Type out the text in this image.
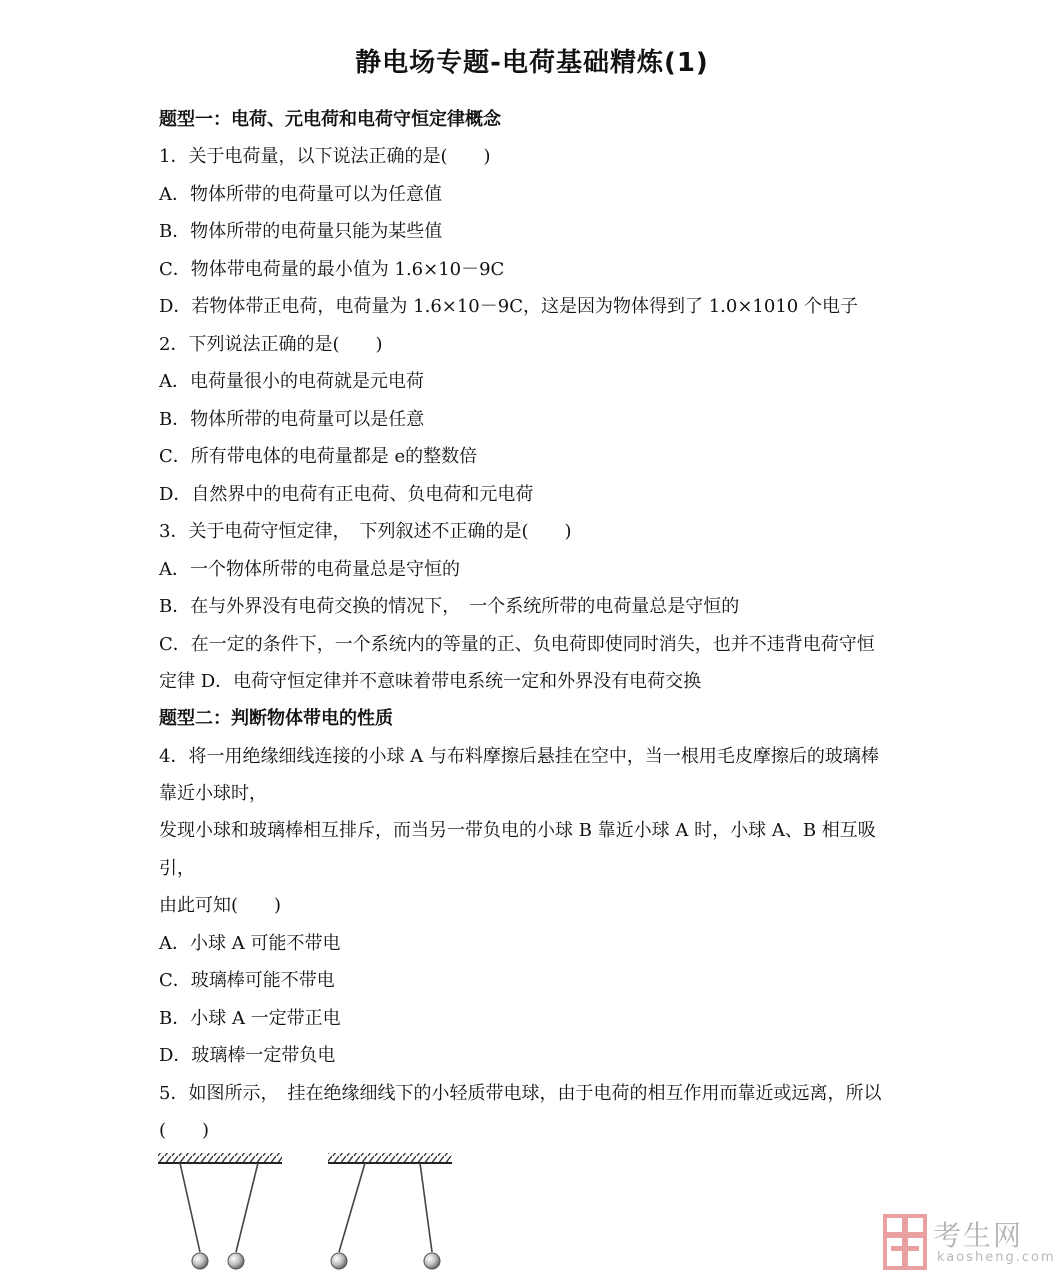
静电场专题-电荷基础精炼(1)
题型一：电荷、元电荷和电荷守恒定律概念
1．关于电荷量，以下说法正确的是(　　)
A．物体所带的电荷量可以为任意值
B．物体所带的电荷量只能为某些值
C．物体带电荷量的最小值为 1.6×10－9C
D．若物体带正电荷，电荷量为 1.6×10－9C，这是因为物体得到了 1.0×1010 个电子
2．下列说法正确的是(　　)
A．电荷量很小的电荷就是元电荷
B．物体所带的电荷量可以是任意
C．所有带电体的电荷量都是 e的整数倍
D．自然界中的电荷有正电荷、负电荷和元电荷
3．关于电荷守恒定律，　下列叙述不正确的是(　　)
A．一个物体所带的电荷量总是守恒的
B．在与外界没有电荷交换的情况下，　一个系统所带的电荷量总是守恒的
C．在一定的条件下，一个系统内的等量的正、负电荷即使同时消失，也并不违背电荷守恒
定律 D．电荷守恒定律并不意味着带电系统一定和外界没有电荷交换
题型二：判断物体带电的性质
4．将一用绝缘细线连接的小球 A 与布料摩擦后悬挂在空中，当一根用毛皮摩擦后的玻璃棒
靠近小球时，
发现小球和玻璃棒相互排斥，而当另一带负电的小球 B 靠近小球 A 时，小球 A、B 相互吸
引，
由此可知(　　)
A．小球 A 可能不带电
C．玻璃棒可能不带电
B．小球 A 一定带正电
D．玻璃棒一定带负电
5．如图所示，　挂在绝缘细线下的小轻质带电球，由于电荷的相互作用而靠近或远离，所以
(　　)
考生网
kaosheng.com
